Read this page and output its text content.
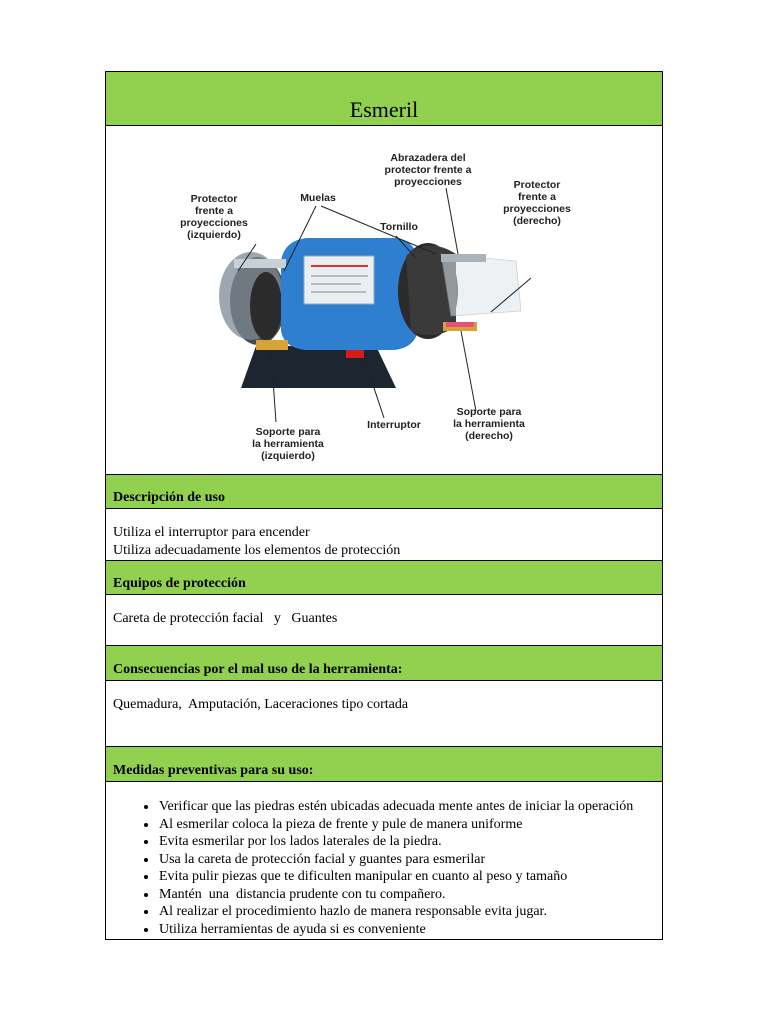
Esmeril
Protector
frente a
proyecciones
(izquierdo)
Muelas
Abrazadera del
protector frente a
proyecciones	Protector
frente a
proyecciones
(derecho)
Tornillo
Interruptor
Soporte para
la herramienta
(derecho)
Soporte para
la herramienta
(izquierdo)
Descripción de uso
Utiliza el interruptor para encender
Utiliza adecuadamente los elementos de protección
Equipos de protección
Careta de protección facial   y   Guantes
Consecuencias por el mal uso de la herramienta:
Quemadura,  Amputación, Laceraciones tipo cortada
Medidas preventivas para su uso:
• Verificar que las piedras estén ubicadas adecuada mente antes de iniciar la operación
• Al esmerilar coloca la pieza de frente y pule de manera uniforme
• Evita esmerilar por los lados laterales de la piedra.
• Usa la careta de protección facial y guantes para esmerilar
• Evita pulir piezas que te dificulten manipular en cuanto al peso y tamaño
• Mantén  una  distancia prudente con tu compañero.
• Al realizar el procedimiento hazlo de manera responsable evita jugar.
• Utiliza herramientas de ayuda si es conveniente
